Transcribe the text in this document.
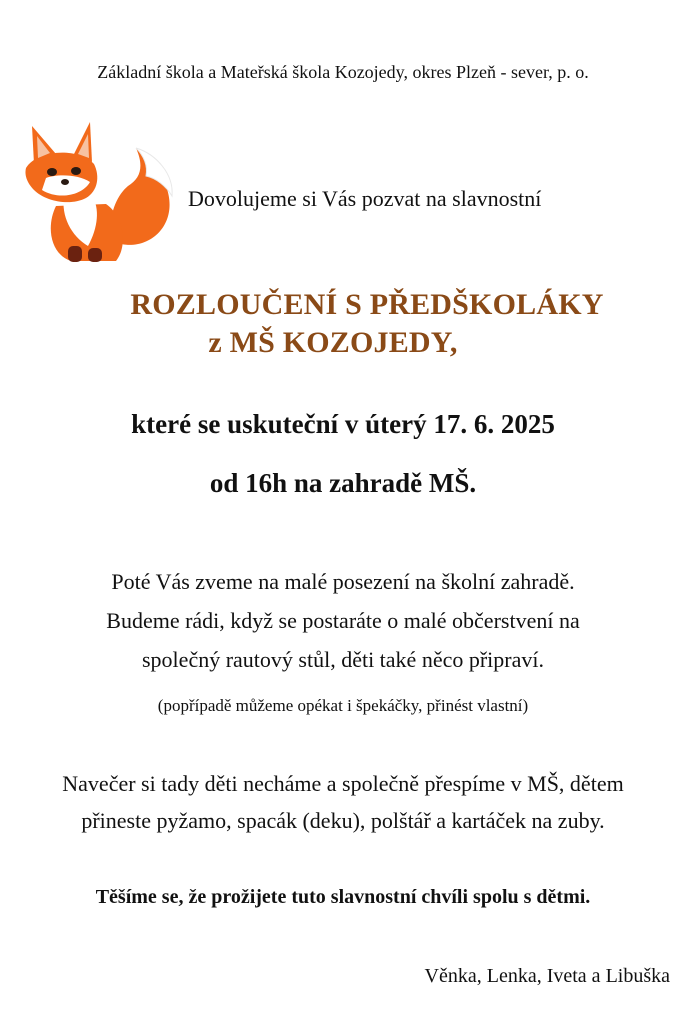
Základní škola a Mateřská škola Kozojedy, okres Plzeň - sever, p. o.
Dovolujeme si Vás pozvat na slavnostní
ROZLOUČENÍ S PŘEDŠKOLÁKY
z MŠ KOZOJEDY,
které se uskuteční v úterý 17. 6. 2025
od 16h na zahradě MŠ.
Poté Vás zveme na malé posezení na školní zahradě.
Budeme rádi, když se postaráte o malé občerstvení na
společný rautový stůl, děti také něco připraví.
(popřípadě můžeme opékat i špekáčky, přinést vlastní)
Navečer si tady děti necháme a společně přespíme v MŠ, dětem
přineste pyžamo, spacák (deku), polštář a kartáček na zuby.
Těšíme se, že prožijete tuto slavnostní chvíli spolu s dětmi.
Věnka, Lenka, Iveta a Libuška
